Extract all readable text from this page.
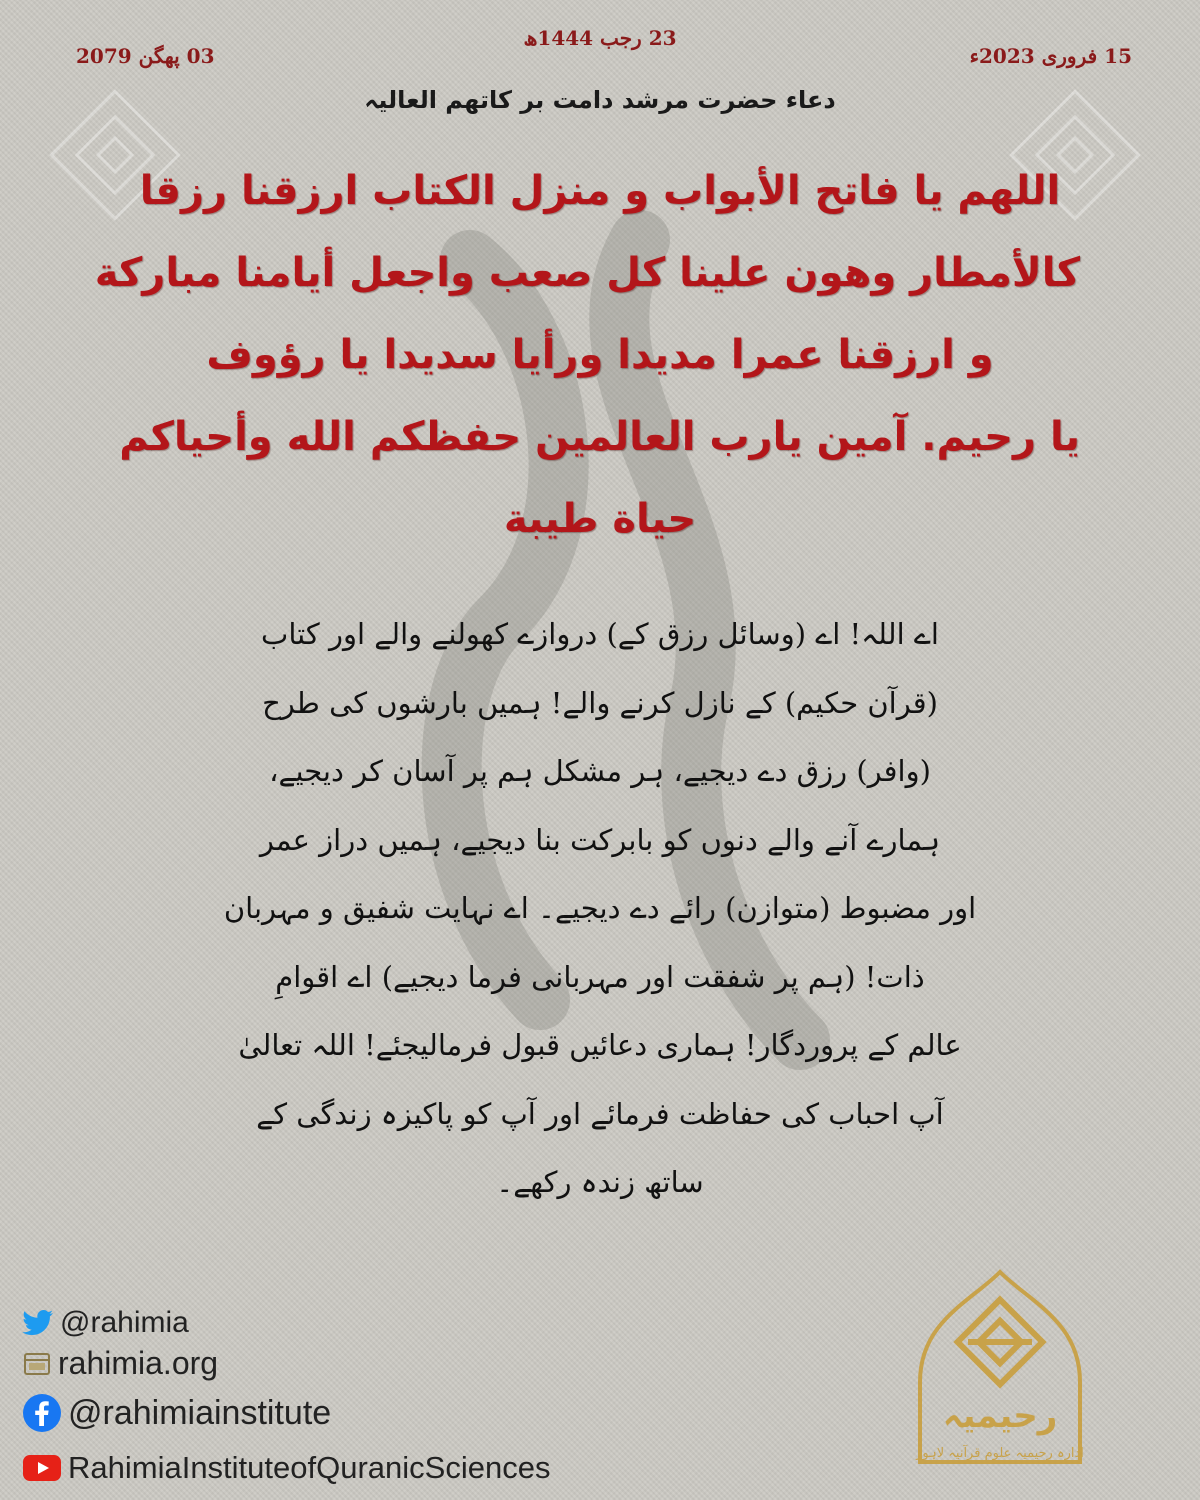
15 فروری 2023ء
23 رجب 1444ھ
03 پھگن 2079
دعاء حضرت مرشد دامت بر کاتھم العالیہ
اللهم يا فاتح الأبواب و منزل الكتاب ارزقنا رزقا
كالأمطار وهون علينا كل صعب واجعل أيامنا مباركة
و ارزقنا عمرا مديدا ورأيا سديدا يا رؤوف
يا رحيم. آمين يارب العالمين حفظكم الله وأحياكم
حياة طيبة
اے اللہ! اے (وسائل رزق کے) دروازے کھولنے والے اور کتاب
(قرآن حکیم) کے نازل کرنے والے! ہمیں بارشوں کی طرح
(وافر) رزق دے دیجیے، ہر مشکل ہم پر آسان کر دیجیے،
ہمارے آنے والے دنوں کو بابرکت بنا دیجیے، ہمیں دراز عمر
اور مضبوط (متوازن) رائے دے دیجیے۔ اے نہایت شفیق و مہربان
ذات! (ہم پر شفقت اور مہربانی فرما دیجیے) اے اقوامِ
عالم کے پروردگار! ہماری دعائیں قبول فرمالیجئے! اللہ تعالیٰ
آپ احباب کی حفاظت فرمائے اور آپ کو پاکیزہ زندگی کے
ساتھ زندہ رکھے۔
@rahimia
rahimia.org
@rahimiainstitute
RahimiaInstituteofQuranicSciences
رحیمیہ
ادارہ رحیمیہ علوم قرآنیہ لاہور
